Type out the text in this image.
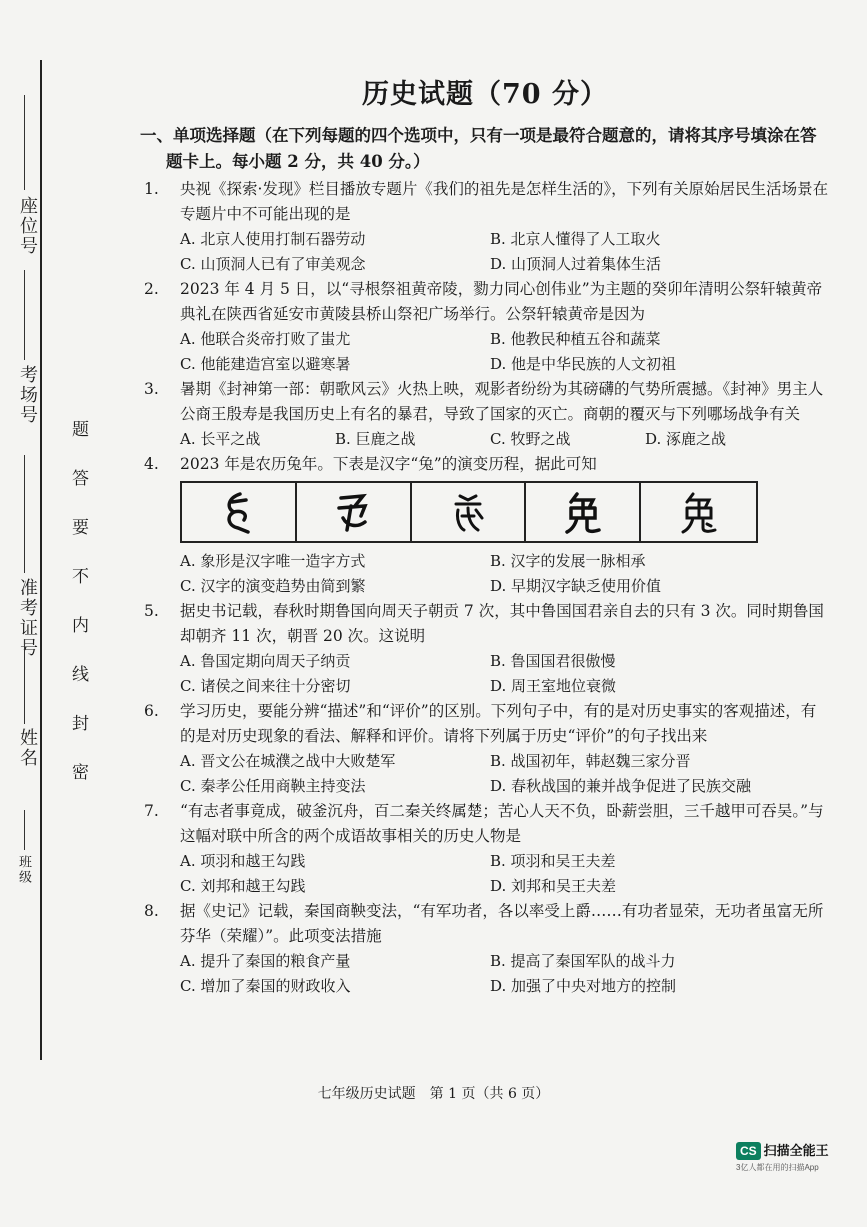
座位号
考场号
准考证号
姓名
班级
题答要不内线封密
历史试题（70 分）
一、单项选择题（在下列每题的四个选项中，只有一项是最符合题意的，请将其序号填涂在答题卡上。每小题 2 分，共 40 分。）
1. 央视《探索·发现》栏目播放专题片《我们的祖先是怎样生活的》，下列有关原始居民生活场景在专题片中不可能出现的是
A. 北京人使用打制石器劳动	B. 北京人懂得了人工取火
C. 山顶洞人已有了审美观念	D. 山顶洞人过着集体生活
2. 2023 年 4 月 5 日，以“寻根祭祖黄帝陵，勠力同心创伟业”为主题的癸卯年清明公祭轩辕黄帝典礼在陕西省延安市黄陵县桥山祭祀广场举行。公祭轩辕黄帝是因为
A. 他联合炎帝打败了蚩尤	B. 他教民种植五谷和蔬菜
C. 他能建造宫室以避寒暑	D. 他是中华民族的人文初祖
3. 暑期《封神第一部：朝歌风云》火热上映，观影者纷纷为其磅礴的气势所震撼。《封神》男主人公商王殷寿是我国历史上有名的暴君，导致了国家的灭亡。商朝的覆灭与下列哪场战争有关
A. 长平之战	B. 巨鹿之战	C. 牧野之战	D. 涿鹿之战
4. 2023 年是农历兔年。下表是汉字“兔”的演变历程，据此可知
A. 象形是汉字唯一造字方式	B. 汉字的发展一脉相承
C. 汉字的演变趋势由简到繁	D. 早期汉字缺乏使用价值
5. 据史书记载，春秋时期鲁国向周天子朝贡 7 次，其中鲁国国君亲自去的只有 3 次。同时期鲁国却朝齐 11 次，朝晋 20 次。这说明
A. 鲁国定期向周天子纳贡	B. 鲁国国君很傲慢
C. 诸侯之间来往十分密切	D. 周王室地位衰微
6. 学习历史，要能分辨“描述”和“评价”的区别。下列句子中，有的是对历史事实的客观描述，有的是对历史现象的看法、解释和评价。请将下列属于历史“评价”的句子找出来
A. 晋文公在城濮之战中大败楚军	B. 战国初年，韩赵魏三家分晋
C. 秦孝公任用商鞅主持变法	D. 春秋战国的兼并战争促进了民族交融
7. “有志者事竟成，破釜沉舟，百二秦关终属楚；苦心人天不负，卧薪尝胆，三千越甲可吞吴。”与这幅对联中所含的两个成语故事相关的历史人物是
A. 项羽和越王勾践	B. 项羽和吴王夫差
C. 刘邦和越王勾践	D. 刘邦和吴王夫差
8. 据《史记》记载，秦国商鞅变法，“有军功者，各以率受上爵……有功者显荣，无功者虽富无所芬华（荣耀）”。此项变法措施
A. 提升了秦国的粮食产量	B. 提高了秦国军队的战斗力
C. 增加了秦国的财政收入	D. 加强了中央对地方的控制
七年级历史试题　第 1 页（共 6 页）
CS 扫描全能王
3亿人都在用的扫描App
